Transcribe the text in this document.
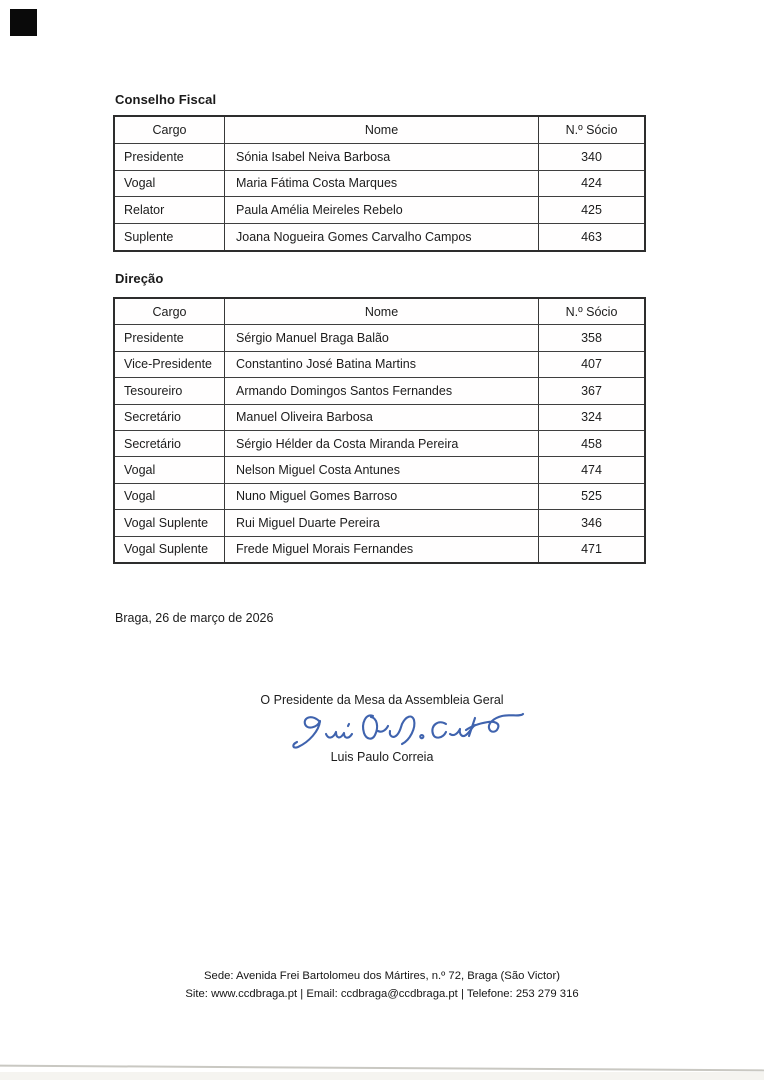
Conselho Fiscal
Cargo	Nome	N.º Sócio
Presidente	Sónia Isabel Neiva Barbosa	340
Vogal	Maria Fátima Costa Marques	424
Relator	Paula Amélia Meireles Rebelo	425
Suplente	Joana Nogueira Gomes Carvalho Campos	463
Direção
Cargo	Nome	N.º Sócio
Presidente	Sérgio Manuel Braga Balão	358
Vice-Presidente	Constantino José Batina Martins	407
Tesoureiro	Armando Domingos Santos Fernandes	367
Secretário	Manuel Oliveira Barbosa	324
Secretário	Sérgio Hélder da Costa Miranda Pereira	458
Vogal	Nelson Miguel Costa Antunes	474
Vogal	Nuno Miguel Gomes Barroso	525
Vogal Suplente	Rui Miguel Duarte Pereira	346
Vogal Suplente	Frede Miguel Morais Fernandes	471
Braga, 26 de março de 2026
O Presidente da Mesa da Assembleia Geral
Luis Paulo Correia
Sede: Avenida Frei Bartolomeu dos Mártires, n.º 72, Braga (São Victor)
Site: www.ccdbraga.pt | Email: ccdbraga@ccdbraga.pt | Telefone: 253 279 316
